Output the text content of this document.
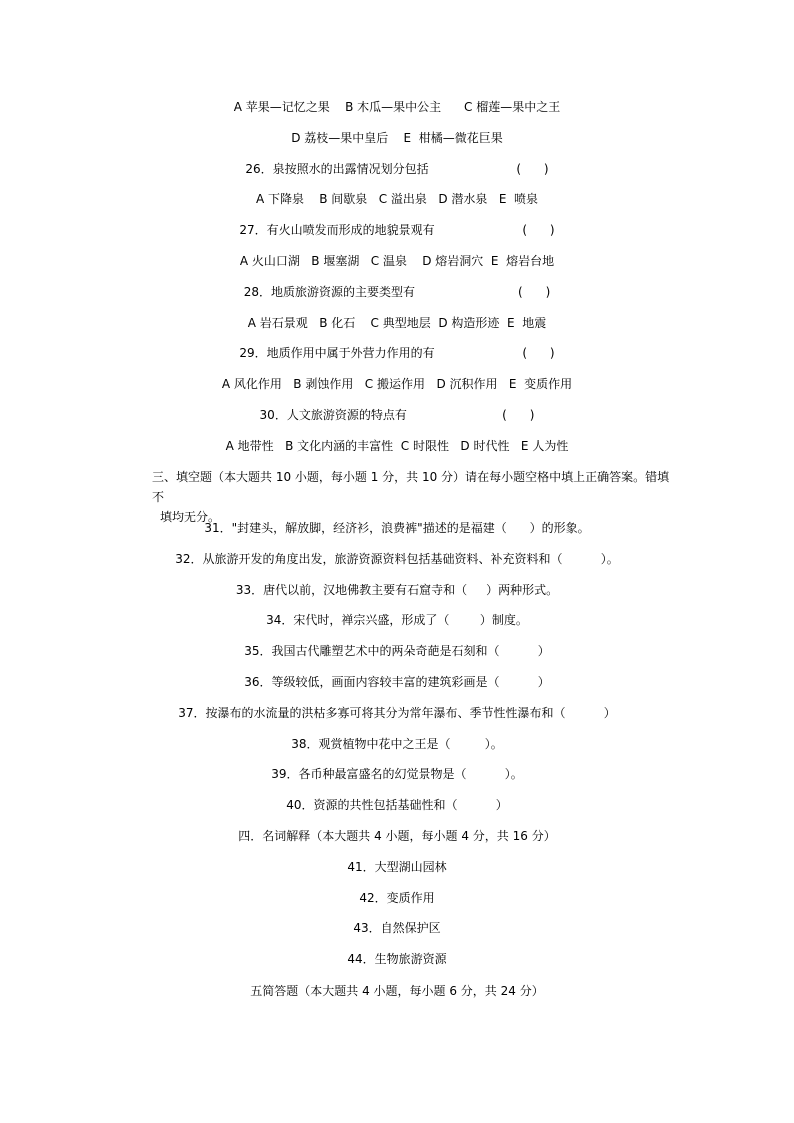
A 苹果—记忆之果    B 木瓜—果中公主      C 榴莲—果中之王
D 荔枝—果中皇后    E  柑橘—微花巨果
26．泉按照水的出露情况划分包括                       (      )
A 下降泉    B 间歇泉   C 溢出泉   D 潜水泉   E  喷泉
27．有火山喷发而形成的地貌景观有                       (      )
A 火山口湖   B 堰塞湖   C 温泉    D 熔岩洞穴  E  熔岩台地
28．地质旅游资源的主要类型有                           (      )
A 岩石景观   B 化石    C 典型地层  D 构造形迹  E  地震
29．地质作用中属于外营力作用的有                       (      )
A 风化作用   B 剥蚀作用   C 搬运作用   D 沉积作用   E  变质作用
30．人文旅游资源的特点有                         (      )
A 地带性   B 文化内涵的丰富性  C 时限性   D 时代性   E 人为性
三、填空题（本大题共 10 小题，每小题 1 分，共 10 分）请在每小题空格中填上正确答案。错填不
填均无分。
31．"封建头，解放脚，经济衫，浪费裤"描述的是福建（      ）的形象。
32．从旅游开发的角度出发，旅游资源资料包括基础资料、补充资料和（          ）。
33．唐代以前，汉地佛教主要有石窟寺和（     ）两种形式。
34．宋代时，禅宗兴盛，形成了（        ）制度。
35．我国古代雕塑艺术中的两朵奇葩是石刻和（          ）
36．等级较低，画面内容较丰富的建筑彩画是（          ）
37．按瀑布的水流量的洪枯多寡可将其分为常年瀑布、季节性性瀑布和（          ）
38．观赏植物中花中之王是（         ）。
39．各币种最富盛名的幻觉景物是（          ）。
40．资源的共性包括基础性和（          ）
四．名词解释（本大题共 4 小题，每小题 4 分，共 16 分）
41．大型湖山园林
42．变质作用
43．自然保护区
44．生物旅游资源
五简答题（本大题共 4 小题，每小题 6 分，共 24 分）
